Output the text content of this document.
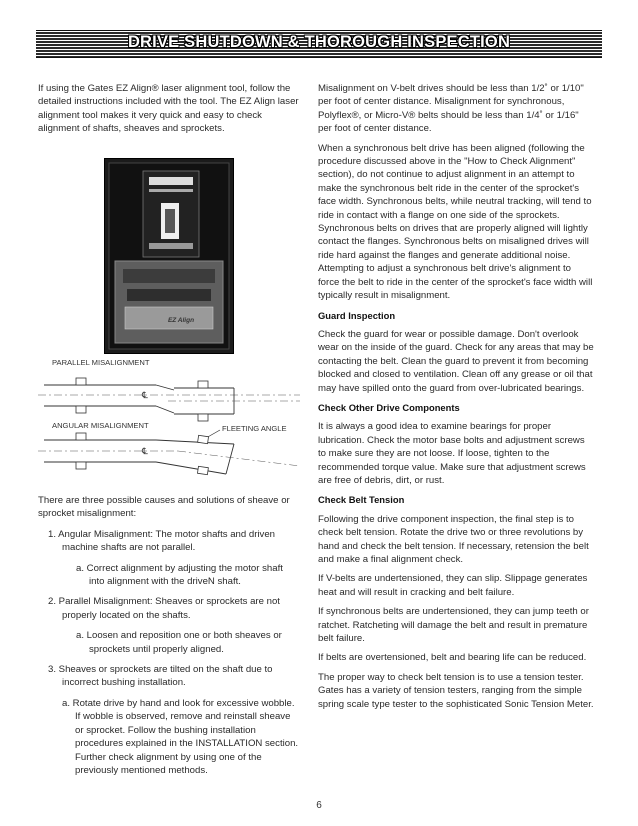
DRIVE SHUTDOWN & THOROUGH INSPECTION

If using the Gates EZ Align® laser alignment tool, follow the detailed instructions included with the tool. The EZ Align laser alignment tool makes it very quick and easy to check alignment of shafts, sheaves and sprockets.

EZ Align
PARALLEL MISALIGNMENT
℄
ANGULAR MISALIGNMENT	FLEETING ANGLE
℄

There are three possible causes and solutions of sheave or sprocket misalignment:

1. Angular Misalignment: The motor shafts and driven machine shafts are not parallel.

a. Correct alignment by adjusting the motor shaft into alignment with the driveN shaft.

2. Parallel Misalignment: Sheaves or sprockets are not properly located on the shafts.

a. Loosen and reposition one or both sheaves or sprockets until properly aligned.

3. Sheaves or sprockets are tilted on the shaft due to incorrect bushing installation.

a. Rotate drive by hand and look for excessive wobble. If wobble is observed, remove and reinstall sheave or sprocket. Follow the bushing installation procedures explained in the INSTALLATION section. Further check alignment by using one of the previously mentioned methods.

Misalignment on V-belt drives should be less than 1/2˚ or 1/10" per foot of center distance. Misalignment for synchronous, Polyflex®, or Micro-V® belts should be less than 1/4˚ or 1/16" per foot of center distance.

When a synchronous belt drive has been aligned (following the procedure discussed above in the "How to Check Alignment" section), do not continue to adjust alignment in an attempt to make the synchronous belt ride in the center of the sprocket's face width. Synchronous belts, while neutral tracking, will tend to ride in contact with a flange on one side of the sprockets. Synchronous belts on drives that are properly aligned will lightly contact the flanges. Synchronous belts on misaligned drives will ride hard against the flanges and generate additional noise. Attempting to adjust a synchronous belt drive's alignment to force the belt to ride in the center of the sprocket's face width will typically result in misalignment.

Guard Inspection

Check the guard for wear or possible damage. Don't overlook wear on the inside of the guard. Check for any areas that may be contacting the belt. Clean the guard to prevent it from becoming blocked and closed to ventilation. Clean off any grease or oil that may have spilled onto the guard from over-lubricated bearings.

Check Other Drive Components

It is always a good idea to examine bearings for proper lubrication. Check the motor base bolts and adjustment screws to make sure they are not loose. If loose, tighten to the recommended torque value. Make sure that adjustment screws are free of debris, dirt, or rust.

Check Belt Tension

Following the drive component inspection, the final step is to check belt tension. Rotate the drive two or three revolutions by hand and check the belt tension. If necessary, retension the belt and make a final alignment check.

If V-belts are undertensioned, they can slip. Slippage generates heat and will result in cracking and belt failure.

If synchronous belts are undertensioned, they can jump teeth or ratchet. Ratcheting will damage the belt and result in premature belt failure.

If belts are overtensioned, belt and bearing life can be reduced.

The proper way to check belt tension is to use a tension tester. Gates has a variety of tension testers, ranging from the simple spring scale type tester to the sophisticated Sonic Tension Meter.

6
